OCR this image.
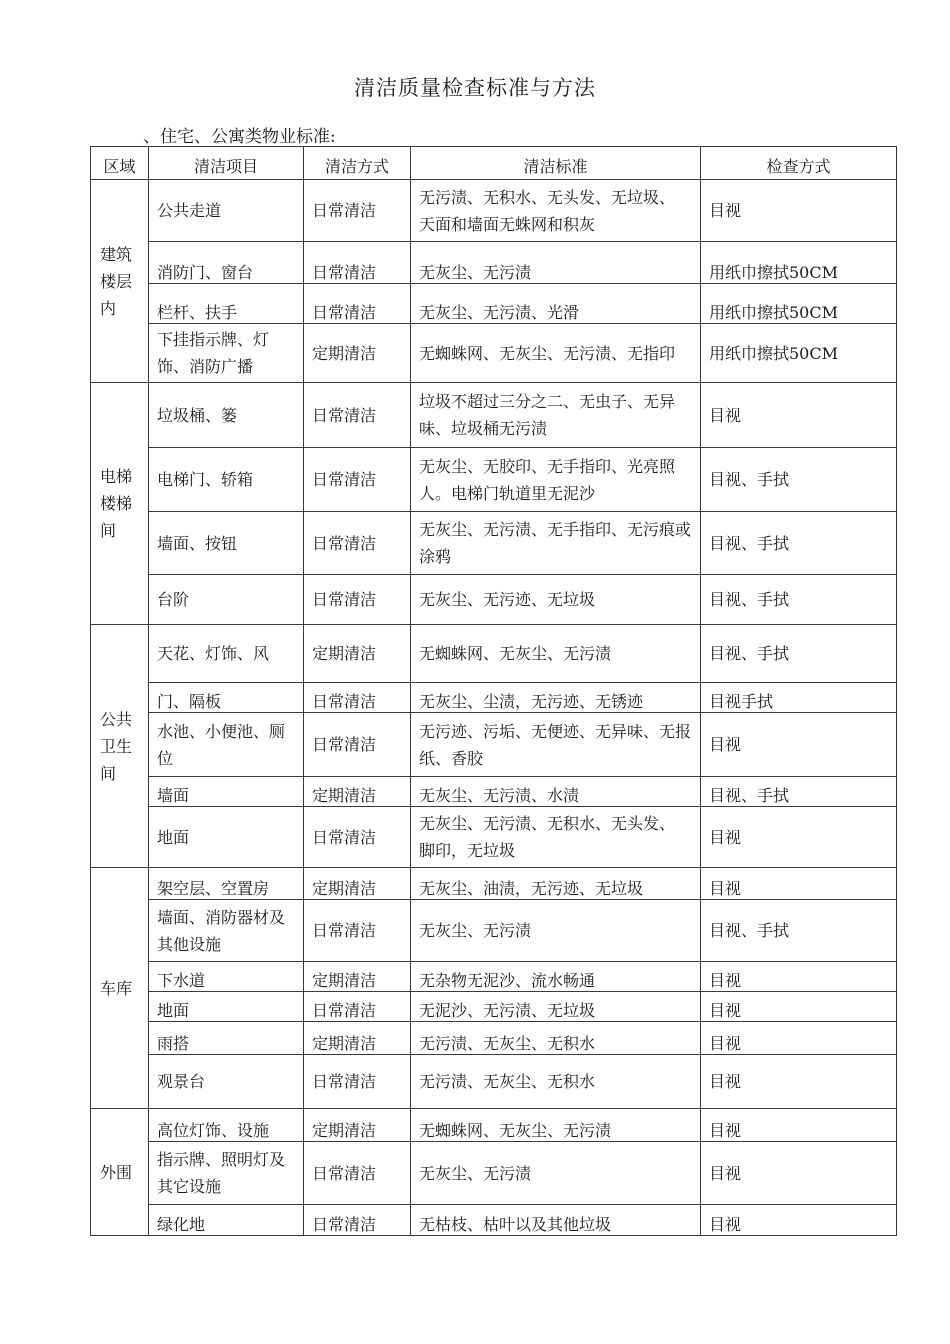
清洁质量检查标准与方法
、住宅、公寓类物业标准:
区域	清洁项目	清洁方式	清洁标准	检查方式
建筑楼层内	公共走道	日常清洁	无污渍、无积水、无头发、无垃圾、 天面和墙面无蛛网和积灰	目视
	消防门、窗台	日常清洁	无灰尘、无污渍	用纸巾擦拭50CM
	栏杆、扶手	日常清洁	无灰尘、无污渍、光滑	用纸巾擦拭50CM
	下挂指示牌、灯饰、消防广播	定期清洁	无蜘蛛网、无灰尘、无污渍、无指印	用纸巾擦拭50CM
电梯楼梯间	垃圾桶、篓	日常清洁	垃圾不超过三分之二、无虫子、无异味、垃圾桶无污渍	目视
	电梯门、轿箱	日常清洁	无灰尘、无胶印、无手指印、光亮照人。电梯门轨道里无泥沙	目视、手拭
	墙面、按钮	日常清洁	无灰尘、无污渍、无手指印、无污痕或涂鸦	目视、手拭
	台阶	日常清洁	无灰尘、无污迹、无垃圾	目视、手拭
公共卫生间	天花、灯饰、风	定期清洁	无蜘蛛网、无灰尘、无污渍	目视、手拭
	门、隔板	日常清洁	无灰尘、尘渍，无污迹、无锈迹	目视手拭
	水池、小便池、厕位	日常清洁	无污迹、污垢、无便迹、无异味、无报纸、香胶	目视
	墙面	定期清洁	无灰尘、无污渍、水渍	目视、手拭
	地面	日常清洁	无灰尘、无污渍、无积水、无头发、 脚印，无垃圾	目视
车库	架空层、空置房	定期清洁	无灰尘、油渍，无污迹、无垃圾	目视
	墙面、消防器材及其他设施	日常清洁	无灰尘、无污渍	目视、手拭
	下水道	定期清洁	无杂物无泥沙、流水畅通	目视
	地面	日常清洁	无泥沙、无污渍、无垃圾	目视
	雨搭	定期清洁	无污渍、无灰尘、无积水	目视
	观景台	日常清洁	无污渍、无灰尘、无积水	目视
外围	高位灯饰、设施	定期清洁	无蜘蛛网、无灰尘、无污渍	目视
	指示牌、照明灯及其它设施	日常清洁	无灰尘、无污渍	目视
	绿化地	日常清洁	无枯枝、枯叶以及其他垃圾	目视
